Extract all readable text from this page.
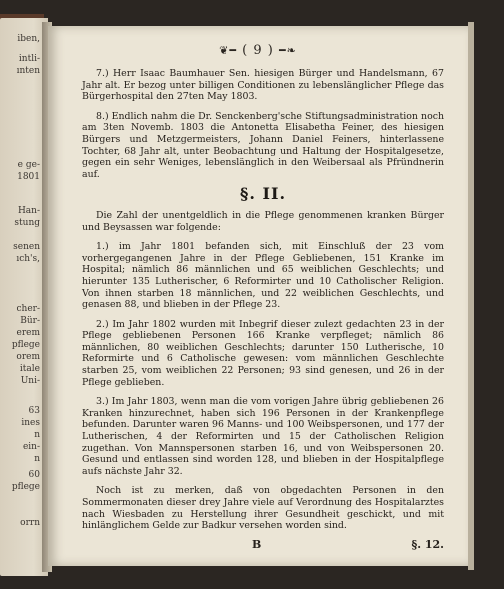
iben,
intli-
ınten
e ge-
1801
Han-
stung
senen
ıch's,
cher-
Bür-
erem
pflege
orem
itale
Uni-
63
ines
n
ein-
n
60
pflege
orrn
❦━ ( 9 ) ━❧

7.) Herr Isaac Baumhauer Sen. hiesigen Bürger und Handelsmann, 67 Jahr alt. Er bezog unter billigen Conditionen zu lebenslänglicher Pflege das Bürgerhospital den 27ten May 1803.

8.) Endlich nahm die Dr. Senckenberg'sche Stiftungsadministration noch am 3ten Novemb. 1803 die Antonetta Elisabetha Feiner, des hiesigen Bürgers und Metzgermeisters, Johann Daniel Feiners, hinterlassene Tochter, 68 Jahr alt, unter Beobachtung und Haltung der Hospitalgesetze, gegen ein sehr Weniges, lebenslänglich in den Weibersaal als Pfründnerin auf.

§. II.

Die Zahl der unentgeldlich in die Pflege genommenen kranken Bürger und Beysassen war folgende:

1.) im Jahr 1801 befanden sich, mit Einschluß der 23 vom vorhergegangenen Jahre in der Pflege Gebliebenen, 151 Kranke im Hospital; nämlich 86 männlichen und 65 weiblichen Geschlechts; und hierunter 135 Lutherischer, 6 Reformirter und 10 Catholischer Religion. Von ihnen starben 18 männlichen, und 22 weiblichen Geschlechts, und genasen 88, und blieben in der Pflege 23.

2.) Im Jahr 1802 wurden mit Inbegrif dieser zulezt gedachten 23 in der Pflege gebliebenen Personen 166 Kranke verpfleget; nämlich 86 männlichen, 80 weiblichen Geschlechts; darunter 150 Lutherische, 10 Reformirte und 6 Catholische gewesen: vom männlichen Geschlechte starben 25, vom weiblichen 22 Personen; 93 sind genesen, und 26 in der Pflege geblieben.

3.) Im Jahr 1803, wenn man die vom vorigen Jahre übrig gebliebenen 26 Kranken hinzurechnet, haben sich 196 Personen in der Krankenpflege befunden. Darunter waren 96 Manns- und 100 Weibspersonen, und 177 der Lutherischen, 4 der Reformirten und 15 der Catholischen Religion zugethan. Von Mannspersonen starben 16, und von Weibspersonen 20. Gesund und entlassen sind worden 128, und blieben in der Hospitalpflege aufs nächste Jahr 32.

Noch ist zu merken, daß von obgedachten Personen in den Sommermonaten dieser drey Jahre viele auf Verordnung des Hospitalarztes nach Wiesbaden zu Herstellung ihrer Gesundheit geschickt, und mit hinlänglichem Gelde zur Badkur versehen worden sind.

B	§. 12.
